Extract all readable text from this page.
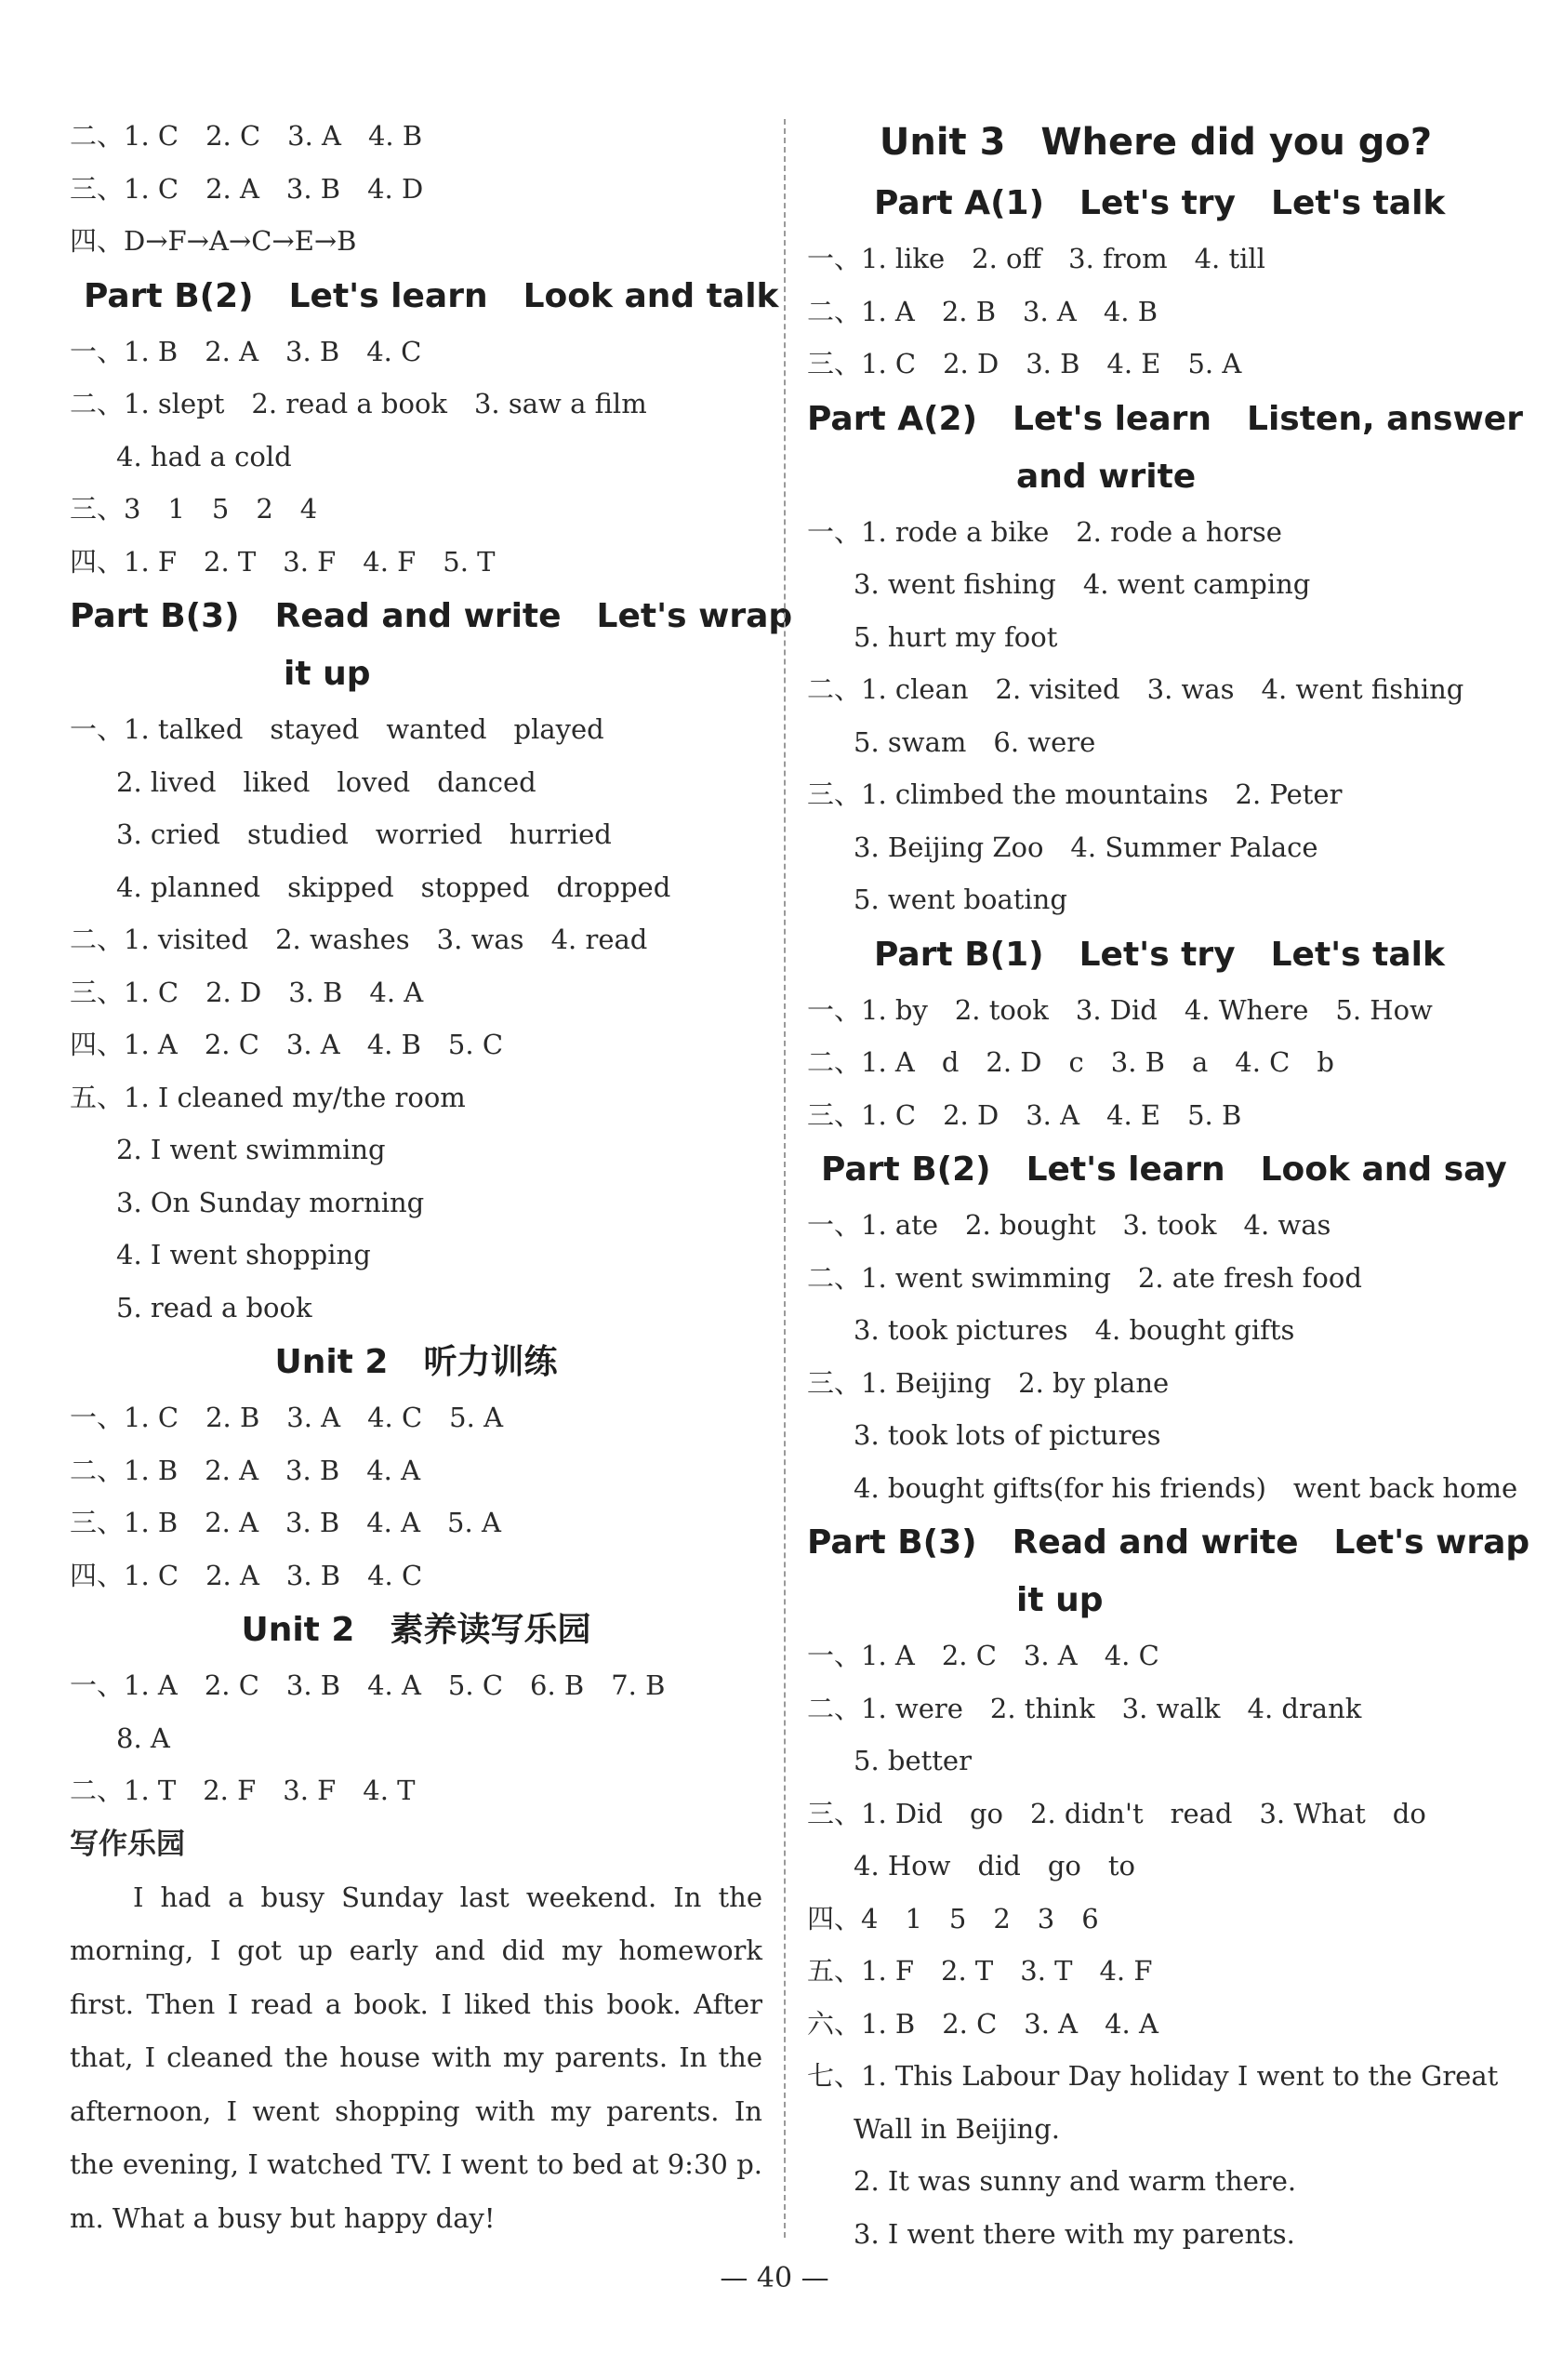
二、1. C　2. C　3. A　4. B
三、1. C　2. A　3. B　4. D
四、D→F→A→C→E→B
Part B(2) Let's learn Look and talk
一、1. B　2. A　3. B　4. C
二、1. slept　2. read a book　3. saw a film
4. had a cold
三、3　1　5　2　4
四、1. F　2. T　3. F　4. F　5. T
Part B(3) Read and write Let's wrap
it up
一、1. talked　stayed　wanted　played
2. lived　liked　loved　danced
3. cried　studied　worried　hurried
4. planned　skipped　stopped　dropped
二、1. visited　2. washes　3. was　4. read
三、1. C　2. D　3. B　4. A
四、1. A　2. C　3. A　4. B　5. C
五、1. I cleaned my/the room
2. I went swimming
3. On Sunday morning
4. I went shopping
5. read a book
Unit 2 听力训练
一、1. C　2. B　3. A　4. C　5. A
二、1. B　2. A　3. B　4. A
三、1. B　2. A　3. B　4. A　5. A
四、1. C　2. A　3. B　4. C
Unit 2 素养读写乐园
一、1. A　2. C　3. B　4. A　5. C　6. B　7. B
8. A
二、1. T　2. F　3. F　4. T
写作乐园

I had a busy Sunday last weekend. In the morning, I got up early and did my homework first. Then I read a book. I liked this book. After that, I cleaned the house with my parents. In the afternoon, I went shopping with my parents. In the evening, I watched TV. I went to bed at 9:30 p. m. What a busy but happy day!

Unit 3 Where did you go?
Part A(1) Let's try Let's talk
一、1. like　2. off　3. from　4. till
二、1. A　2. B　3. A　4. B
三、1. C　2. D　3. B　4. E　5. A
Part A(2) Let's learn Listen, answer
and write
一、1. rode a bike　2. rode a horse
3. went fishing　4. went camping
5. hurt my foot
二、1. clean　2. visited　3. was　4. went fishing
5. swam　6. were
三、1. climbed the mountains　2. Peter
3. Beijing Zoo　4. Summer Palace
5. went boating
Part B(1) Let's try Let's talk
一、1. by　2. took　3. Did　4. Where　5. How
二、1. A　d　2. D　c　3. B　a　4. C　b
三、1. C　2. D　3. A　4. E　5. B
Part B(2) Let's learn Look and say
一、1. ate　2. bought　3. took　4. was
二、1. went swimming　2. ate fresh food
3. took pictures　4. bought gifts
三、1. Beijing　2. by plane
3. took lots of pictures
4. bought gifts(for his friends)　went back home
Part B(3) Read and write Let's wrap
it up
一、1. A　2. C　3. A　4. C
二、1. were　2. think　3. walk　4. drank
5. better
三、1. Did　go　2. didn't　read　3. What　do
4. How　did　go　to
四、4　1　5　2　3　6
五、1. F　2. T　3. T　4. F
六、1. B　2. C　3. A　4. A
七、1. This Labour Day holiday I went to the Great
Wall in Beijing.
2. It was sunny and warm there.
3. I went there with my parents.
— 40 —
